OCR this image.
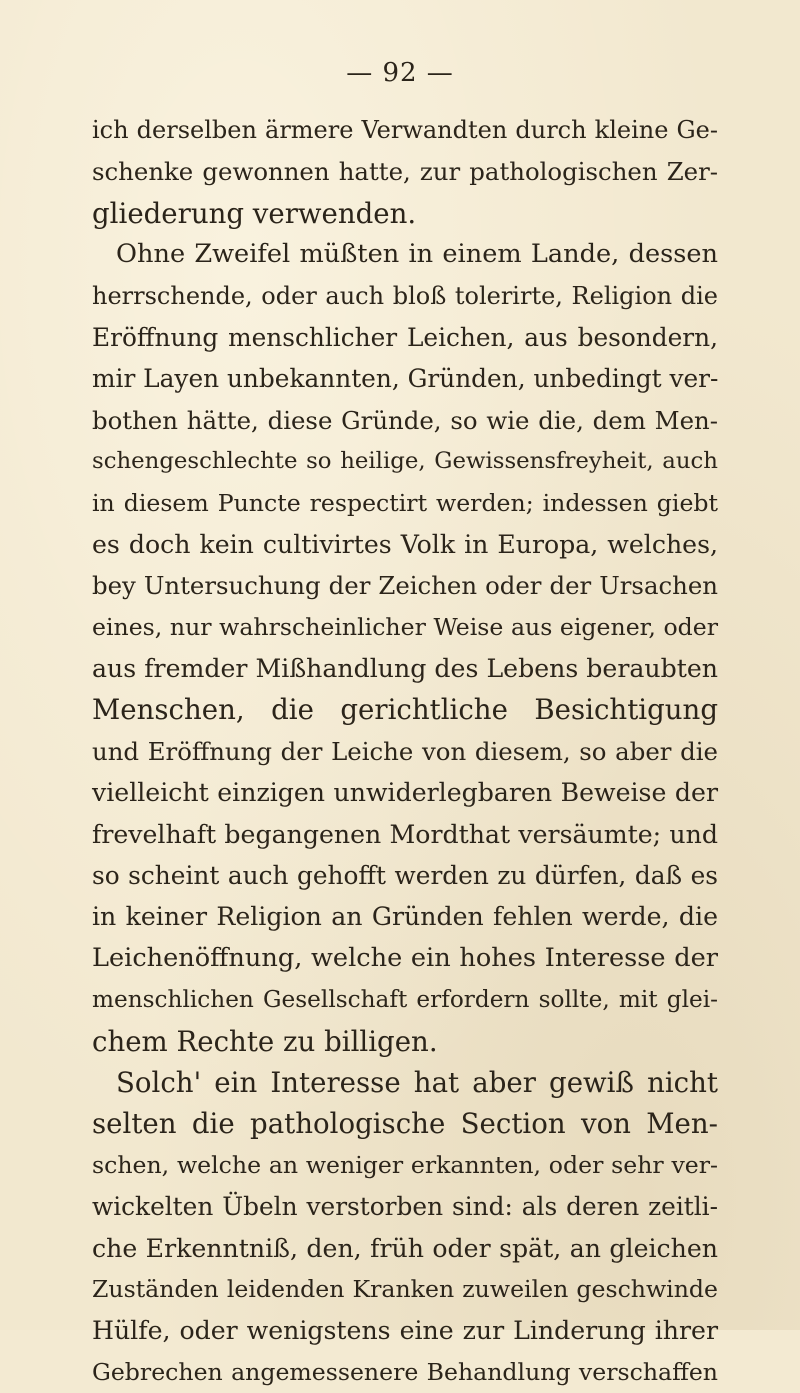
— 92 —
ich derselben ärmere Verwandten durch kleine Ge-
schenke gewonnen hatte, zur pathologischen Zer-
gliederung verwenden.
Ohne Zweifel müßten in einem Lande, dessen
herrschende, oder auch bloß tolerirte, Religion die
Eröffnung menschlicher Leichen, aus besondern,
mir Layen unbekannten, Gründen, unbedingt ver-
bothen hätte, diese Gründe, so wie die, dem Men-
schengeschlechte so heilige, Gewissensfreyheit, auch
in diesem Puncte respectirt werden; indessen giebt
es doch kein cultivirtes Volk in Europa, welches,
bey Untersuchung der Zeichen oder der Ursachen
eines, nur wahrscheinlicher Weise aus eigener, oder
aus fremder Mißhandlung des Lebens beraubten
Menschen, die gerichtliche Besichtigung
und Eröffnung der Leiche von diesem, so aber die
vielleicht einzigen unwiderlegbaren Beweise der
frevelhaft begangenen Mordthat versäumte; und
so scheint auch gehofft werden zu dürfen, daß es
in keiner Religion an Gründen fehlen werde, die
Leichenöffnung, welche ein hohes Interesse der
menschlichen Gesellschaft erfordern sollte, mit glei-
chem Rechte zu billigen.
Solch' ein Interesse hat aber gewiß nicht
selten die pathologische Section von Men-
schen, welche an weniger erkannten, oder sehr ver-
wickelten Übeln verstorben sind: als deren zeitli-
che Erkenntniß, den, früh oder spät, an gleichen
Zuständen leidenden Kranken zuweilen geschwinde
Hülfe, oder wenigstens eine zur Linderung ihrer
Gebrechen angemessenere Behandlung verschaffen
